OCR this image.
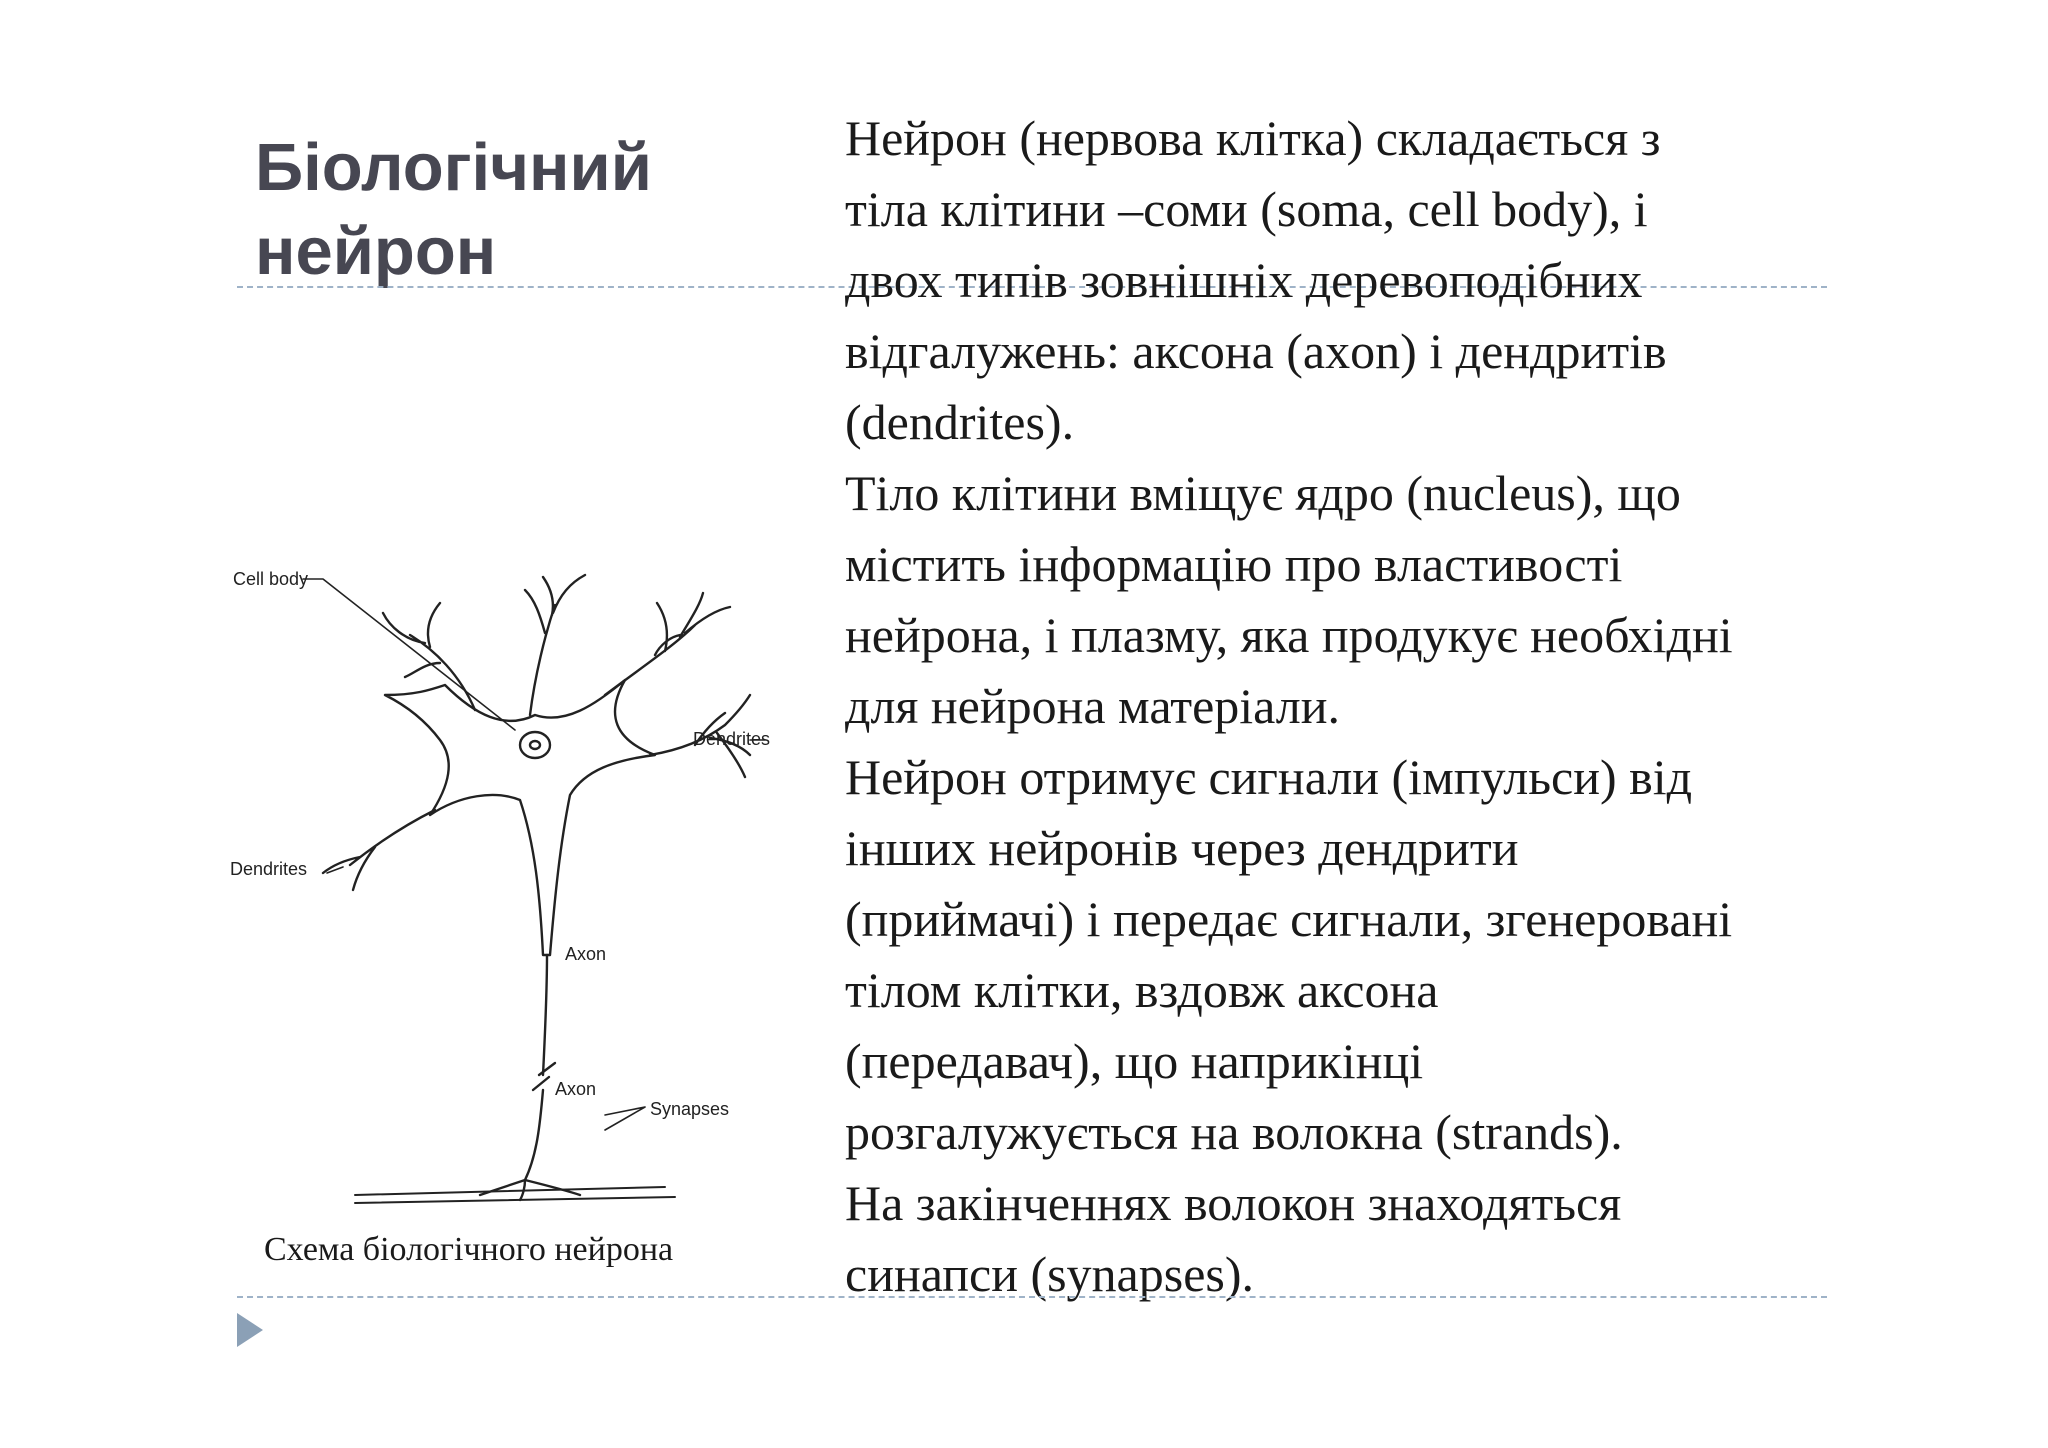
Біологічний
нейрон

Нейрон (нервова клітка) складається з

тіла клітини –соми (soma, cell body), і

двох типів зовнішніх деревоподібних

відгалужень: аксона (axon) і дендритів

(dendrites).

Тіло клітини вміщує ядро (nucleus), що

містить інформацію про властивості

нейрона, і плазму, яка продукує необхідні

для нейрона матеріали.

Нейрон отримує сигнали (імпульси) від

інших нейронів через дендрити

(приймачі) і передає сигнали, згенеровані

тілом клітки, вздовж аксона

(передавач), що наприкінці

розгалужується на волокна (strands).

На закінченнях волокон знаходяться

синапси (synapses).

Cell body
Dendrites
Dendrites
Axon
Axon
Synapses
Схема біологічного нейрона
